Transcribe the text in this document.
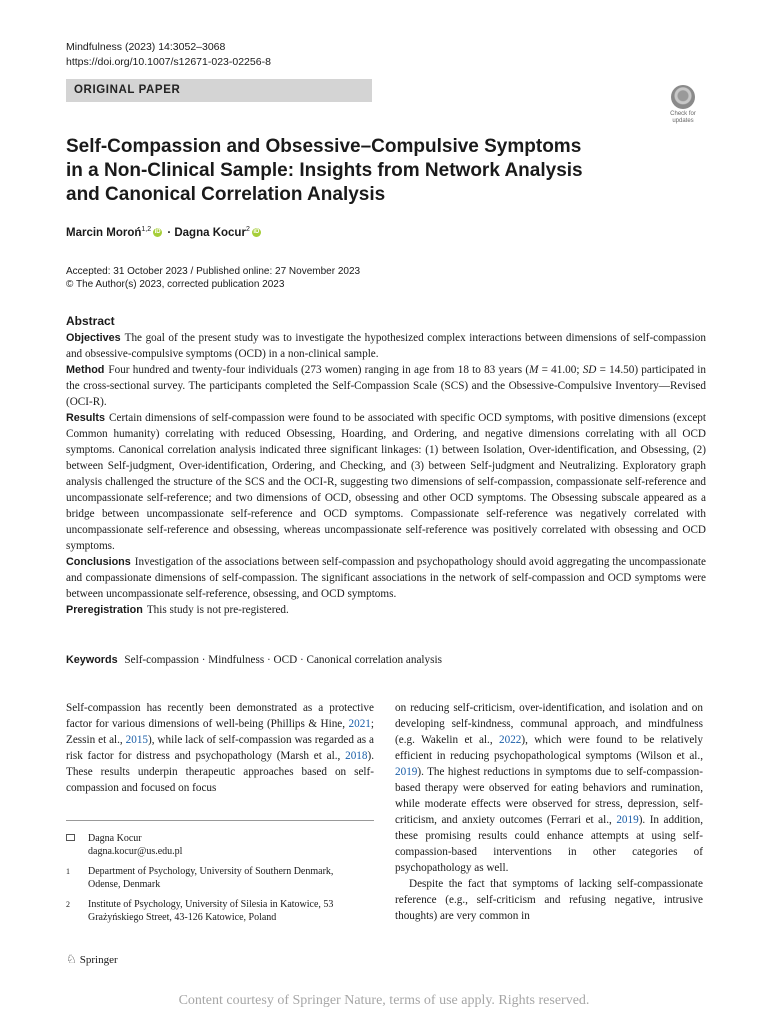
Mindfulness (2023) 14:3052–3068
https://doi.org/10.1007/s12671-023-02256-8
ORIGINAL PAPER
Check for
updates
Self-Compassion and Obsessive–Compulsive Symptoms
in a Non-Clinical Sample: Insights from Network Analysis
and Canonical Correlation Analysis
Marcin Moroń$^{1,2}$ iD · Dagna Kocur$^2$ iD
Accepted: 31 October 2023 / Published online: 27 November 2023
© The Author(s) 2023, corrected publication 2023
Abstract

Objectives The goal of the present study was to investigate the hypothesized complex interactions between dimensions of self-compassion and obsessive-compulsive symptoms (OCD) in a non-clinical sample.

Method Four hundred and twenty-four individuals (273 women) ranging in age from 18 to 83 years (M = 41.00; SD = 14.50) participated in the cross-sectional survey. The participants completed the Self-Compassion Scale (SCS) and the Obsessive-Compulsive Inventory—Revised (OCI-R).

Results Certain dimensions of self-compassion were found to be associated with specific OCD symptoms, with positive dimensions (except Common humanity) correlating with reduced Obsessing, Hoarding, and Ordering, and negative dimensions correlating with all OCD symptoms. Canonical correlation analysis indicated three significant linkages: (1) between Isolation, Over-identification, and Obsessing, (2) between Self-judgment, Over-identification, Ordering, and Checking, and (3) between Self-judgment and Neutralizing. Exploratory graph analysis challenged the structure of the SCS and the OCI-R, suggesting two dimensions of self-compassion, compassionate self-reference and uncompassionate self-reference; and two dimensions of OCD, obsessing and other OCD symptoms. The Obsessing subscale appeared as a bridge between uncompassionate self-reference and OCD symptoms. Compassionate self-reference was negatively correlated with uncompassionate self-reference and obsessing, whereas uncompassionate self-reference was positively correlated with obsessing and OCD symptoms.

Conclusions Investigation of the associations between self-compassion and psychopathology should avoid aggregating the uncompassionate and compassionate dimensions of self-compassion. The significant associations in the network of self-compassion and OCD symptoms were between uncompassionate self-reference, obsessing, and OCD symptoms.

Preregistration This study is not pre-registered.

Keywords Self-compassion · Mindfulness · OCD · Canonical correlation analysis

Self-compassion has recently been demonstrated as a protective factor for various dimensions of well-being (Phillips & Hine, 2021; Zessin et al., 2015), while lack of self-compassion was regarded as a risk factor for distress and psychopathology (Marsh et al., 2018). These results underpin therapeutic approaches based on self-compassion and focused on focus

on reducing self-criticism, over-identification, and isolation and on developing self-kindness, communal approach, and mindfulness (e.g. Wakelin et al., 2022), which were found to be relatively efficient in reducing psychopathological symptoms (Wilson et al., 2019). The highest reductions in symptoms due to self-compassion-based therapy were observed for eating behaviors and rumination, while moderate effects were observed for stress, depression, self-criticism, and anxiety outcomes (Ferrari et al., 2019). In addition, these promising results could enhance attempts at using self-compassion-based interventions in other categories of psychopathology as well.

Despite the fact that symptoms of lacking self-compassionate reference (e.g., self-criticism and refusing negative, intrusive thoughts) are very common in

Dagna Kocur
dagna.kocur@us.edu.pl
1 Department of Psychology, University of Southern Denmark, Odense, Denmark
2 Institute of Psychology, University of Silesia in Katowice, 53 Grażyńskiego Street, 43-126 Katowice, Poland
♘ Springer
Content courtesy of Springer Nature, terms of use apply. Rights reserved.
